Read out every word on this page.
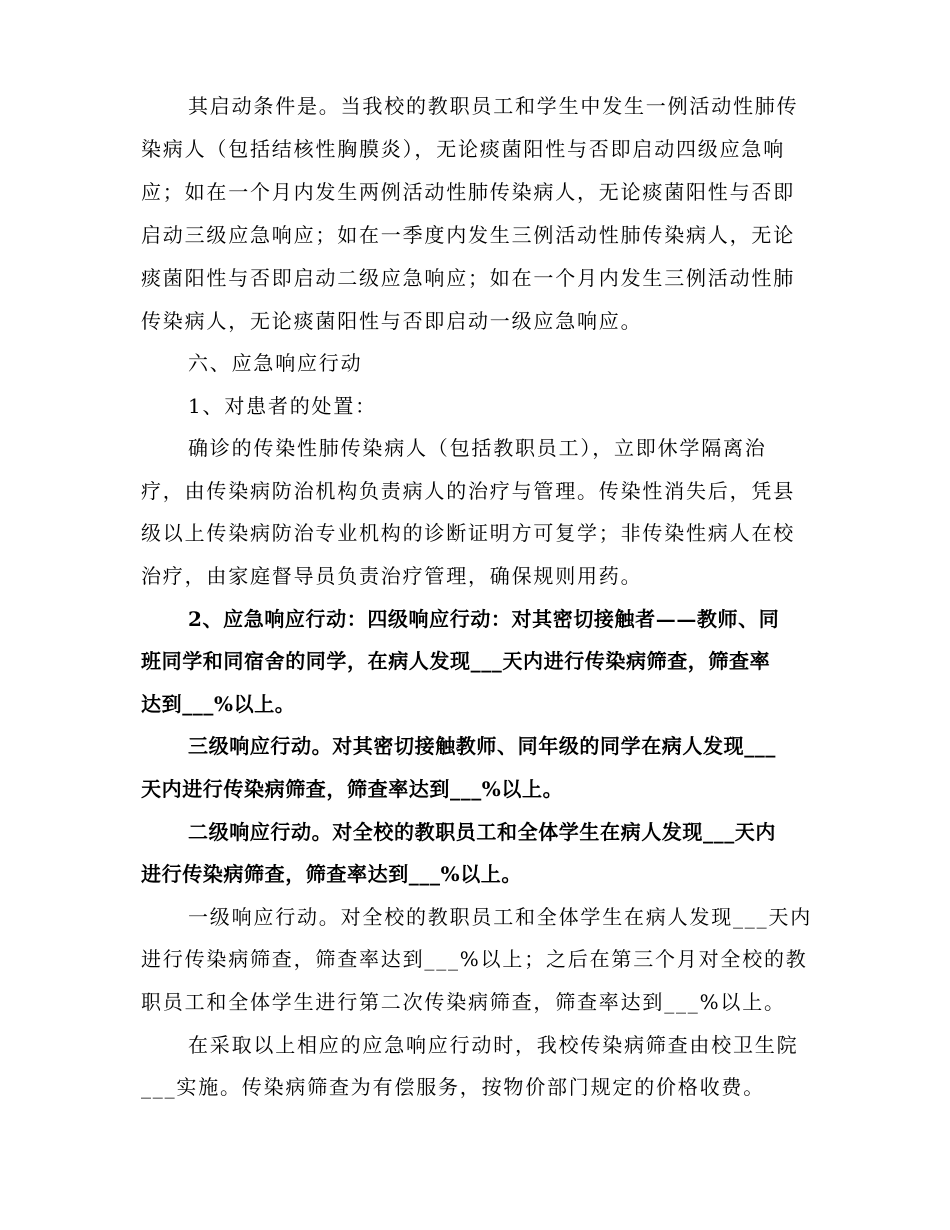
其启动条件是。当我校的教职员工和学生中发生一例活动性肺传
染病人（包括结核性胸膜炎），无论痰菌阳性与否即启动四级应急响
应；如在一个月内发生两例活动性肺传染病人，无论痰菌阳性与否即
启动三级应急响应；如在一季度内发生三例活动性肺传染病人，无论
痰菌阳性与否即启动二级应急响应；如在一个月内发生三例活动性肺
传染病人，无论痰菌阳性与否即启动一级应急响应。
六、应急响应行动
1、对患者的处置：
确诊的传染性肺传染病人（包括教职员工），立即休学隔离治
疗，由传染病防治机构负责病人的治疗与管理。传染性消失后，凭县
级以上传染病防治专业机构的诊断证明方可复学；非传染性病人在校
治疗，由家庭督导员负责治疗管理，确保规则用药。
2、应急响应行动：四级响应行动：对其密切接触者——教师、同
班同学和同宿舍的同学，在病人发现___天内进行传染病筛查，筛查率
达到___%以上。
三级响应行动。对其密切接触教师、同年级的同学在病人发现___
天内进行传染病筛查，筛查率达到___%以上。
二级响应行动。对全校的教职员工和全体学生在病人发现___天内
进行传染病筛查，筛查率达到___%以上。
一级响应行动。对全校的教职员工和全体学生在病人发现___天内
进行传染病筛查，筛查率达到___%以上；之后在第三个月对全校的教
职员工和全体学生进行第二次传染病筛查，筛查率达到___%以上。
在采取以上相应的应急响应行动时，我校传染病筛查由校卫生院
___实施。传染病筛查为有偿服务，按物价部门规定的价格收费。
